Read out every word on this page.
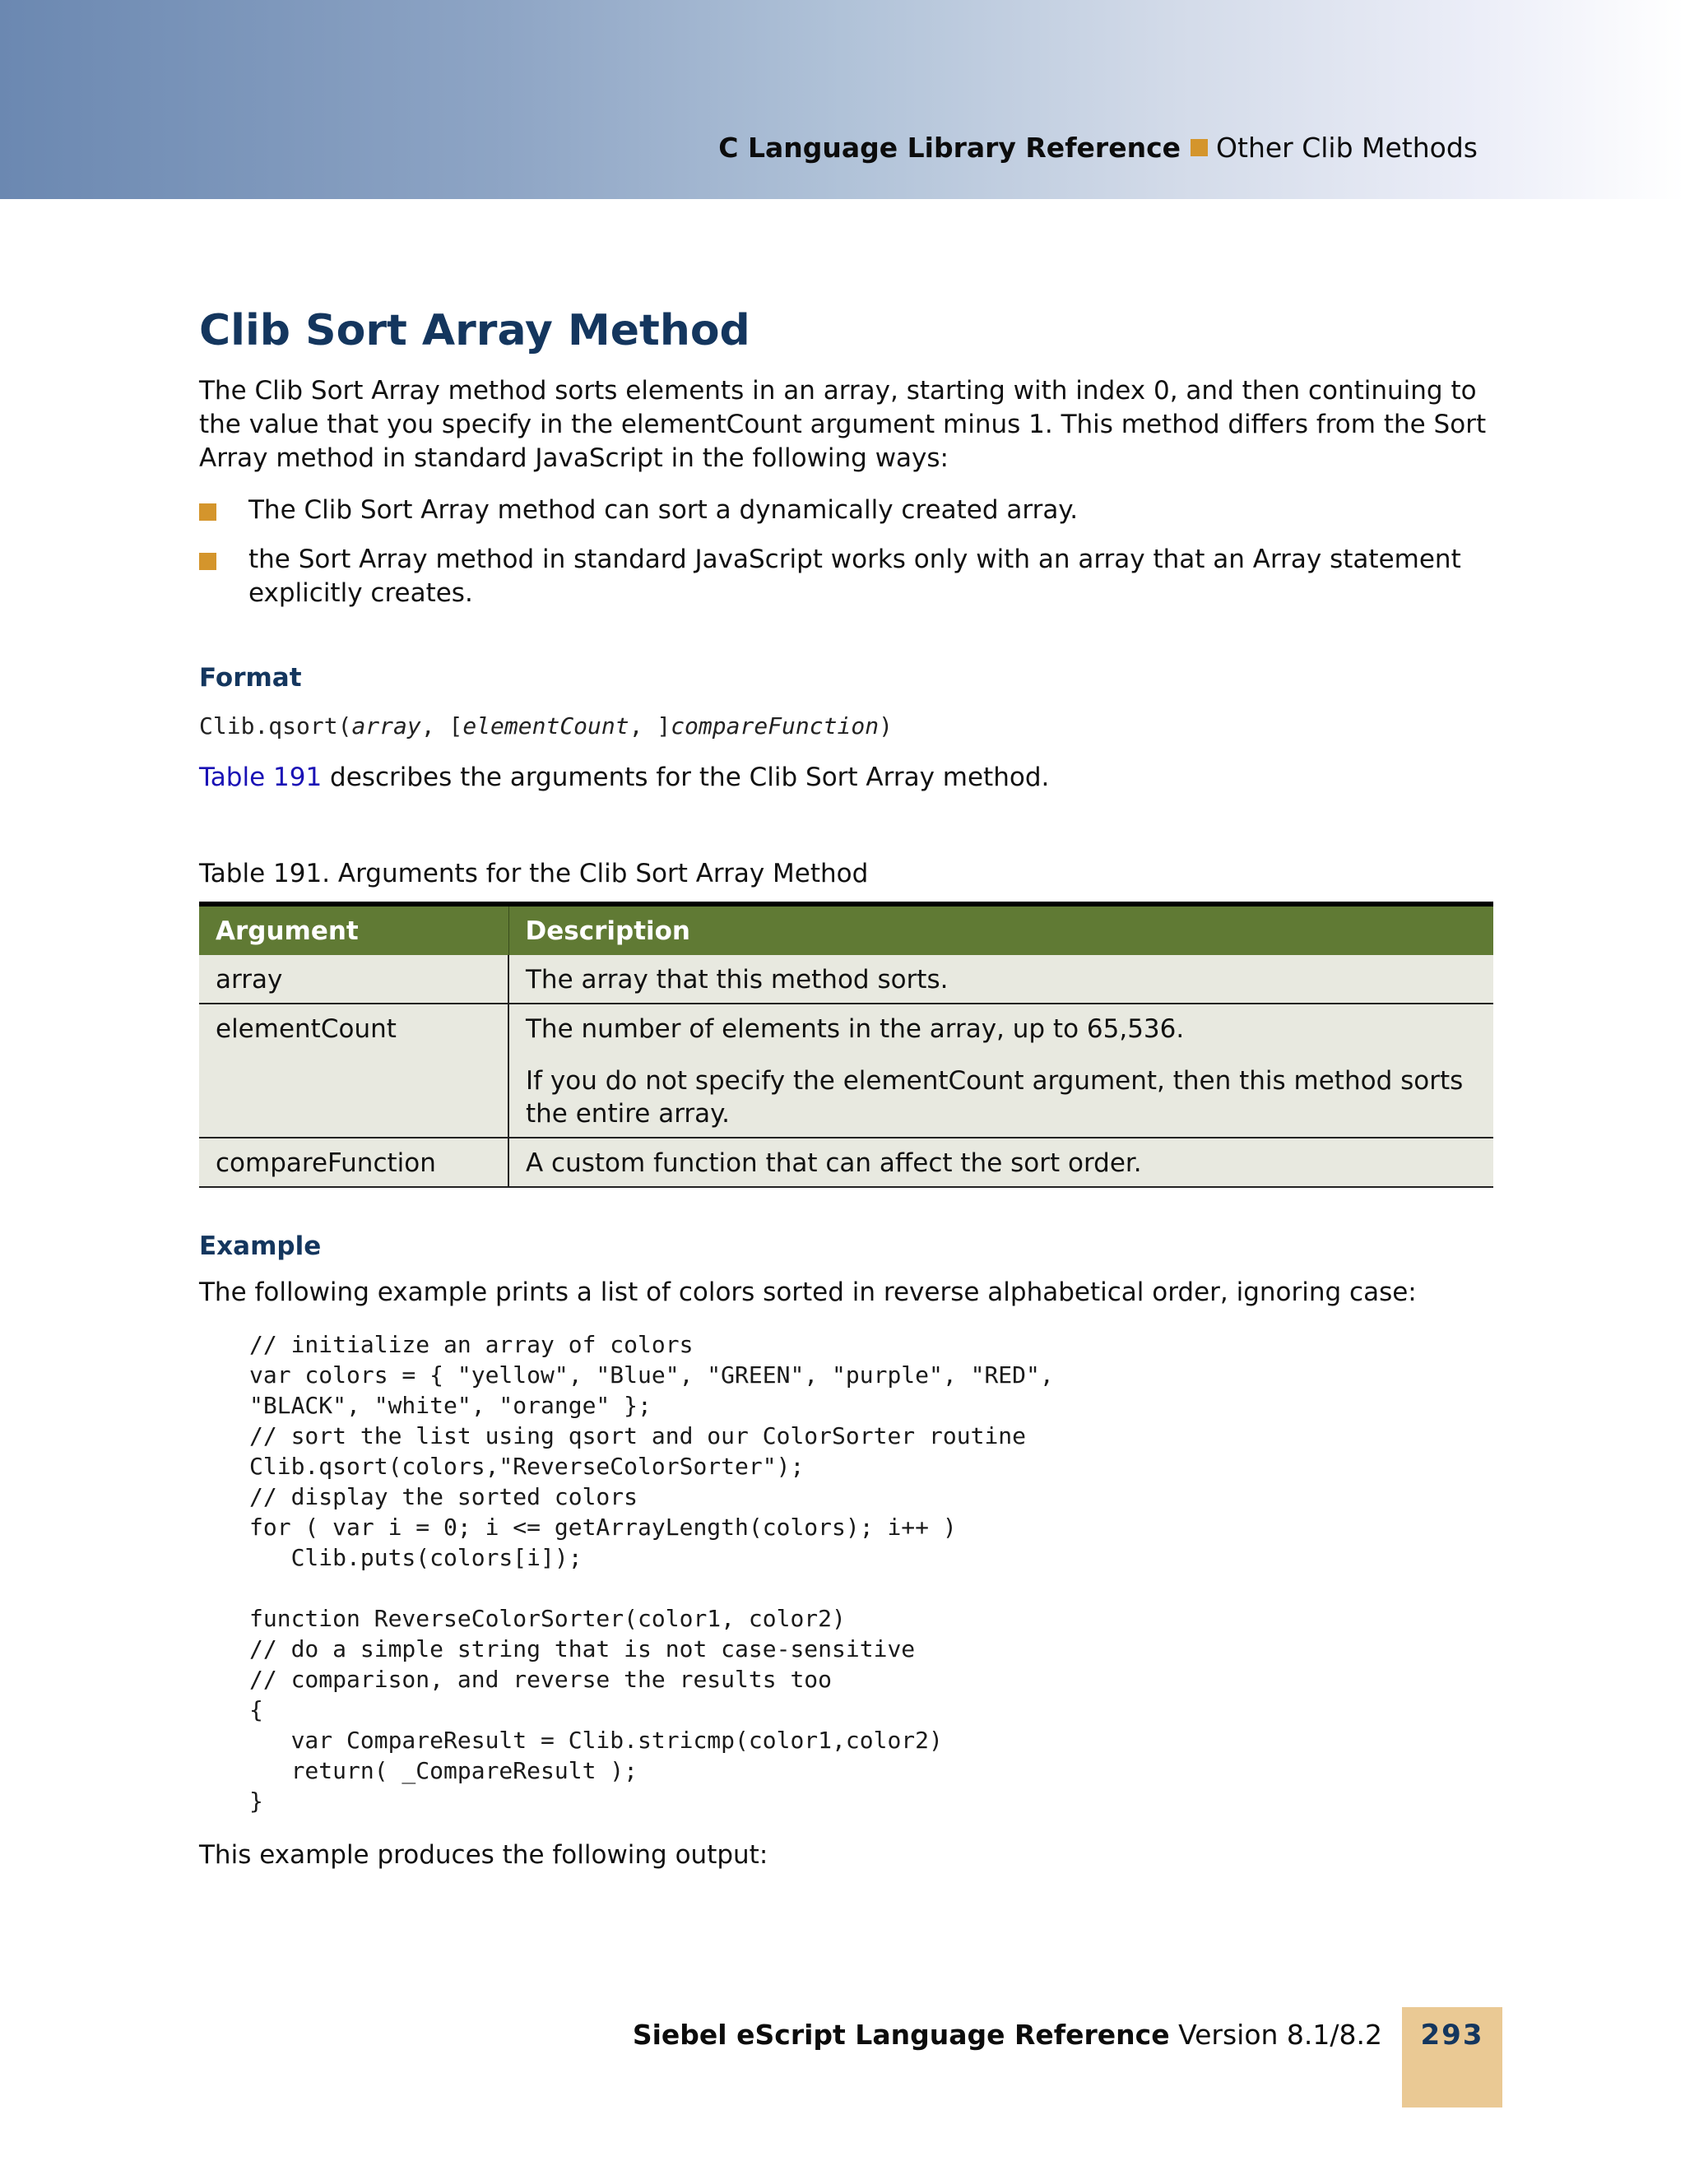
C Language Library Reference Other Clib Methods
Clib Sort Array Method

The Clib Sort Array method sorts elements in an array, starting with index 0, and then continuing to the value that you specify in the elementCount argument minus 1. This method differs from the Sort Array method in standard JavaScript in the following ways:

The Clib Sort Array method can sort a dynamically created array.
the Sort Array method in standard JavaScript works only with an array that an Array statement explicitly creates.
Format
Clib.qsort(array, [elementCount, ]compareFunction)
Table 191 describes the arguments for the Clib Sort Array method.
Table 191. Arguments for the Clib Sort Array Method
Argument	Description
array	The array that this method sorts.

elementCount	The number of elements in the array, up to 65,536.

If you do not specify the elementCount argument, then this method sorts the entire array.

compareFunction	A custom function that can affect the sort order.

Example
The following example prints a list of colors sorted in reverse alphabetical order, ignoring case:
// initialize an array of colors
var colors = { "yellow", "Blue", "GREEN", "purple", "RED",
"BLACK", "white", "orange" };
// sort the list using qsort and our ColorSorter routine
Clib.qsort(colors,"ReverseColorSorter");
// display the sorted colors
for ( var i = 0; i <= getArrayLength(colors); i++ )
Clib.puts(colors[i]);

function ReverseColorSorter(color1, color2)
// do a simple string that is not case-sensitive
// comparison, and reverse the results too
{
var CompareResult = Clib.stricmp(color1,color2)
return( _CompareResult );
}
This example produces the following output:
Siebel eScript Language Reference Version 8.1/8.2	293
